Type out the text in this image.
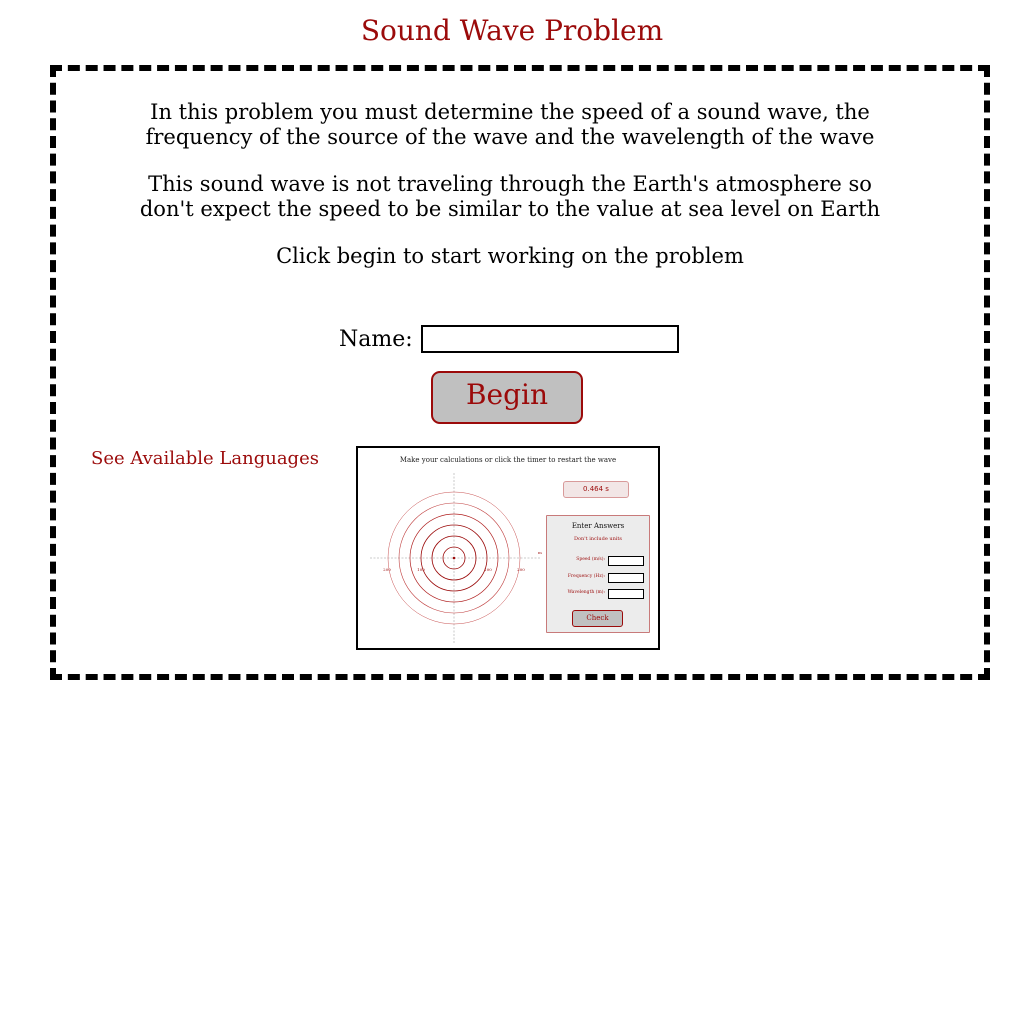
Sound Wave Problem

In this problem you must determine the speed of a sound wave, the
frequency of the source of the wave and the wavelength of the wave

This sound wave is not traveling through the Earth's atmosphere so
don't expect the speed to be similar to the value at sea level on Earth

Click begin to start working on the problem

Name:
Begin
See Available Languages
200	100	100	200
m
Make your calculations or click the timer to restart the wave
0.464 s
Enter Answers
Don't include units
Speed (m/s):
Frequency (Hz):
Wavelength (m):
Check
